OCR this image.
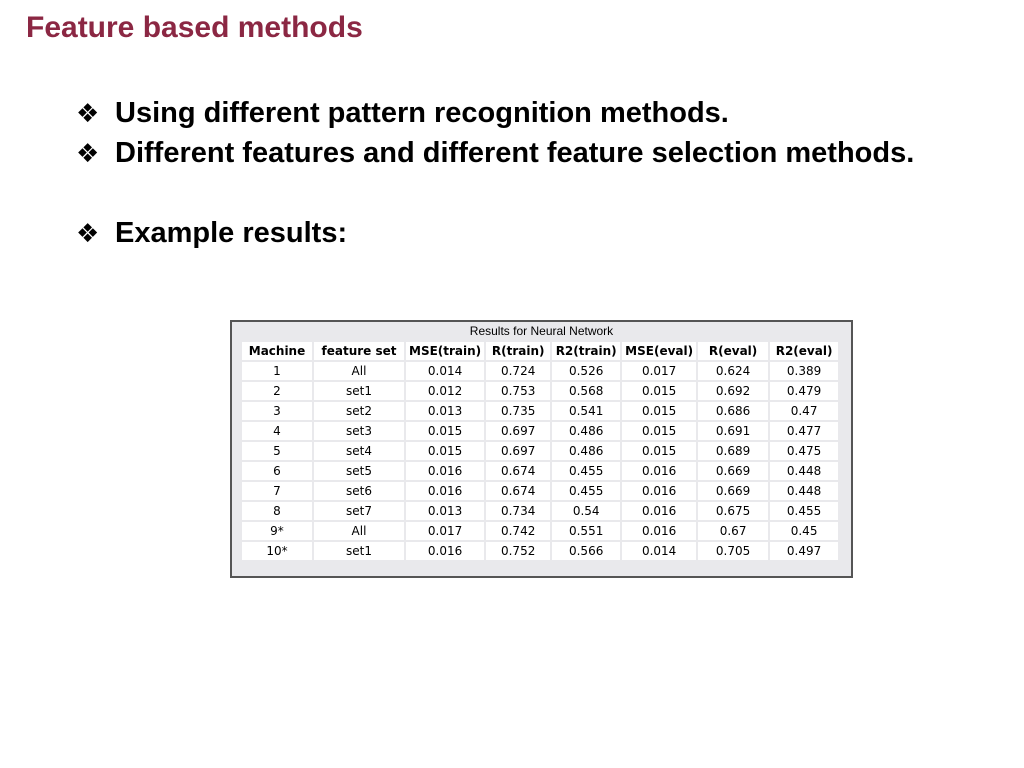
Feature based methods
❖ Using different pattern recognition methods.
❖ Different features and different feature selection methods.
❖ Example results:
Results for Neural Network
Machine	feature set	MSE(train)	R(train)	R2(train)	MSE(eval)	R(eval)	R2(eval)
1	All	0.014	0.724	0.526	0.017	0.624	0.389
2	set1	0.012	0.753	0.568	0.015	0.692	0.479
3	set2	0.013	0.735	0.541	0.015	0.686	0.47
4	set3	0.015	0.697	0.486	0.015	0.691	0.477
5	set4	0.015	0.697	0.486	0.015	0.689	0.475
6	set5	0.016	0.674	0.455	0.016	0.669	0.448
7	set6	0.016	0.674	0.455	0.016	0.669	0.448
8	set7	0.013	0.734	0.54	0.016	0.675	0.455
9*	All	0.017	0.742	0.551	0.016	0.67	0.45
10*	set1	0.016	0.752	0.566	0.014	0.705	0.497
